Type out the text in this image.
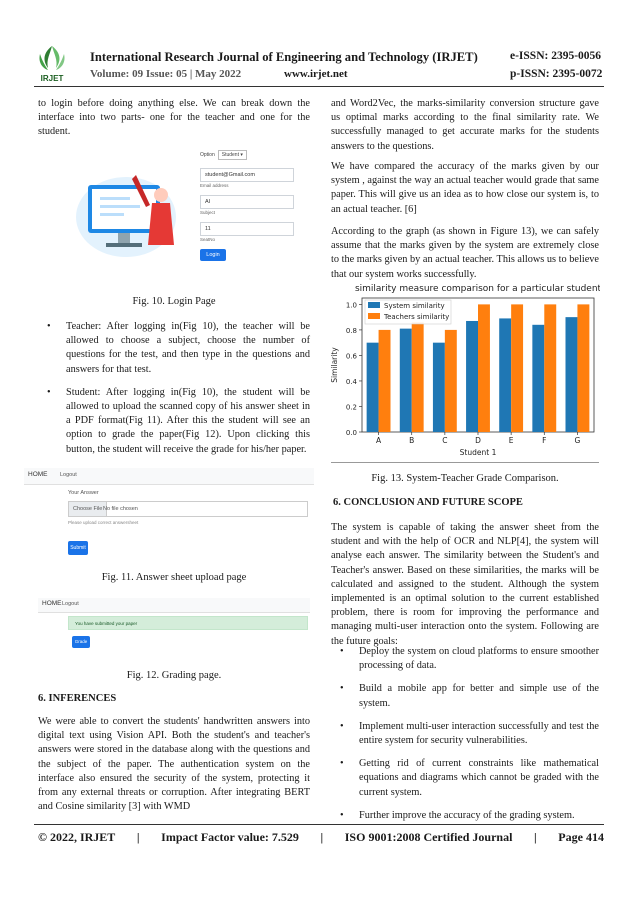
IRJET
International Research Journal of Engineering and Technology (IRJET)	e-ISSN: 2395-0056
Volume: 09 Issue: 05 | May 2022	www.irjet.net	p-ISSN: 2395-0072

to login before doing anything else. We can break down the interface into two parts- one for the teacher and one for the student.

Option	Student ▾
student@Gmail.com
Email address
AI
Subject
11
SeatNo
Login
Fig. 10. Login Page
• Teacher: After logging in(Fig 10), the teacher will be allowed to choose a subject, choose the number of questions for the test, and then type in the questions and answers for that test.
• Student: After logging in(Fig 10), the student will be allowed to upload the scanned copy of his answer sheet in a PDF format(Fig 11). After this the student will see an option to grade the paper(Fig 12). Upon clicking this button, the student will receive the grade for his/her paper.
HOME Logout
Your Answer
Choose File No file chosen
Please upload correct answersheet
Submit
Fig. 11. Answer sheet upload page
HOME Logout
You have submitted your paper
Grade
Fig. 12. Grading page.
6. INFERENCES

We were able to convert the students' handwritten answers into digital text using Vision API. Both the student's and teacher's answers were stored in the database along with the questions and the subject of the paper. The authentication system on the interface also ensured the security of the system, protecting it from any external threats or corruption. After integrating BERT and Cosine similarity [3] with WMD

and Word2Vec, the marks-similarity conversion structure gave us optimal marks according to the final similarity rate. We successfully managed to get accurate marks for the students answers to the questions.

We have compared the accuracy of the marks given by our system , against the way an actual teacher would grade that same paper. This will give us an idea as to how close our system is, to an actual teacher. [6]

According to the graph (as shown in Figure 13), we can safely assume that the marks given by the system are extremely close to the marks given by an actual teacher. This allows us to believe that our system works successfully.

similarity measure comparison for a particular student
0.0
0.2
0.4
0.6
0.8
1.0
Similarity
A	B	C	D	E	F	G
Student 1
System similarity
Teachers similarity
Fig. 13. System-Teacher Grade Comparison.
6. CONCLUSION AND FUTURE SCOPE

The system is capable of taking the answer sheet from the student and with the help of OCR and NLP[4], the system will analyse each answer. The similarity between the Student's and Teacher's answer. Based on these similarities, the marks will be calculated and assigned to the student. Although the system implemented is an optimal solution to the current established problem, there is room for improving the performance and managing multi-user interaction onto the system. Following are the future goals:

• Deploy the system on cloud platforms to ensure smoother processing of data.
• Build a mobile app for better and simple use of the system.
• Implement multi-user interaction successfully and test the entire system for security vulnerabilities.
• Getting rid of current constraints like mathematical equations and diagrams which cannot be graded with the current system.
• Further improve the accuracy of the grading system.
© 2022, IRJET | Impact Factor value: 7.529 | ISO 9001:2008 Certified Journal | Page 414
